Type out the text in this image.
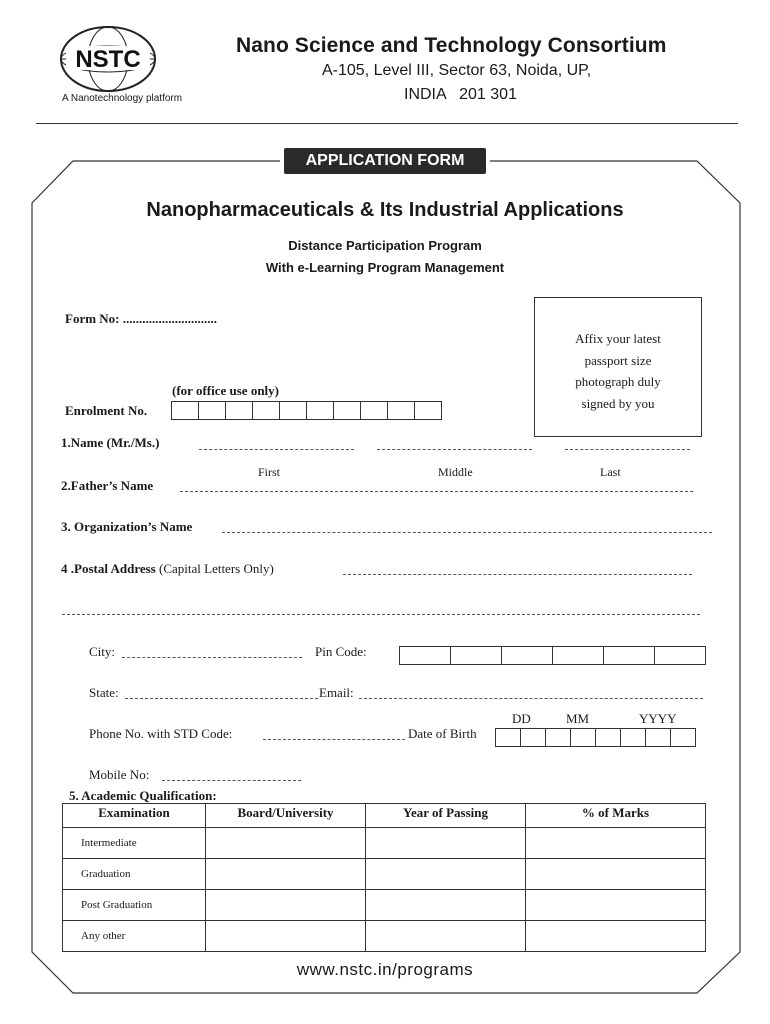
NSTC
A Nanotechnology platform
Nano Science and Technology Consortium
A-105, Level III, Sector 63, Noida, UP,
INDIA   201 301
APPLICATION FORM
Nanopharmaceuticals & Its Industrial Applications
Distance Participation Program
With e-Learning Program Management
Form No: .............................
Affix your latest
passport size
photograph duly
signed by you
(for office use only)
Enrolment No.
1.Name (Mr./Ms.)
First	Middle	Last
2.Father’s Name
3. Organization’s Name
4 .Postal Address (Capital Letters Only)
City:	Pin Code:
State:	Email:
DD	MM	YYYY
Phone No. with STD Code:	Date of Birth
Mobile No:
5. Academic Qualification:
Examination	Board/University	Year of Passing	% of Marks
Intermediate			
Graduation			
Post Graduation			
Any other			
www.nstc.in/programs
